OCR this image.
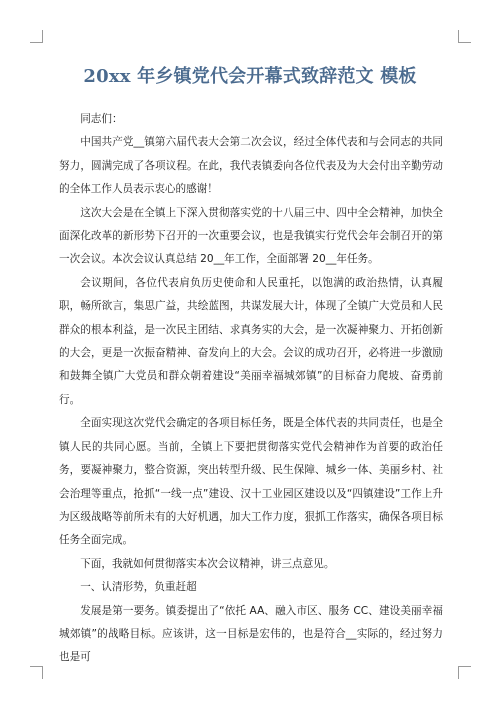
20xx 年乡镇党代会开幕式致辞范文 模板

同志们：

中国共产党__镇第六届代表大会第二次会议，经过全体代表和与会同志的共同努力，圆满完成了各项议程。在此，我代表镇委向各位代表及为大会付出辛勤劳动的全体工作人员表示衷心的感谢！

这次大会是在全镇上下深入贯彻落实党的十八届三中、四中全会精神，加快全面深化改革的新形势下召开的一次重要会议，也是我镇实行党代会年会制召开的第一次会议。本次会议认真总结 20__年工作，全面部署 20__年任务。

会议期间，各位代表肩负历史使命和人民重托，以饱满的政治热情，认真履职，畅所欲言，集思广益，共绘蓝图，共谋发展大计，体现了全镇广大党员和人民群众的根本利益，是一次民主团结、求真务实的大会，是一次凝神聚力、开拓创新的大会，更是一次振奋精神、奋发向上的大会。会议的成功召开，必将进一步激励和鼓舞全镇广大党员和群众朝着建设“美丽幸福城郊镇”的目标奋力爬坡、奋勇前行。

全面实现这次党代会确定的各项目标任务，既是全体代表的共同责任，也是全镇人民的共同心愿。当前，全镇上下要把贯彻落实党代会精神作为首要的政治任务，要凝神聚力，整合资源，突出转型升级、民生保障、城乡一体、美丽乡村、社会治理等重点，抢抓“一线一点”建设、汉十工业园区建设以及“四镇建设”工作上升为区级战略等前所未有的大好机遇，加大工作力度，狠抓工作落实，确保各项目标任务全面完成。

下面，我就如何贯彻落实本次会议精神，讲三点意见。

一、认清形势，负重赶超

发展是第一要务。镇委提出了“依托 AA、融入市区、服务 CC、建设美丽幸福城郊镇”的战略目标。应该讲，这一目标是宏伟的，也是符合__实际的，经过努力也是可
